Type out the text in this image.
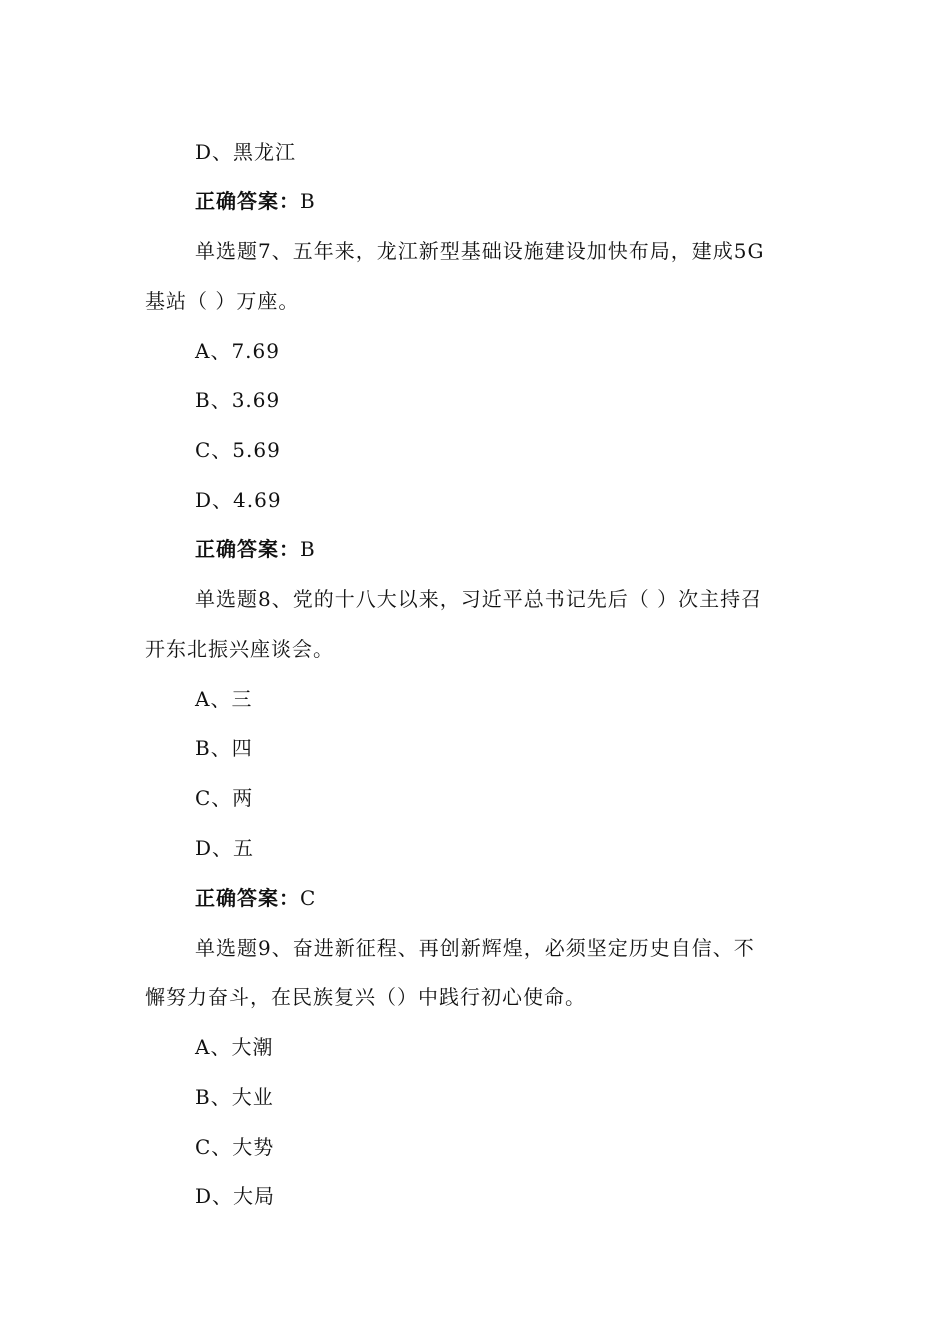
D、黑龙江
正确答案：B
单选题7、五年来，龙江新型基础设施建设加快布局，建成5G
基站（ ）万座。
A、7.69
B、3.69
C、5.69
D、4.69
正确答案：B
单选题8、党的十八大以来，习近平总书记先后（ ）次主持召
开东北振兴座谈会。
A、三
B、四
C、两
D、五
正确答案：C
单选题9、奋进新征程、再创新辉煌，必须坚定历史自信、不
懈努力奋斗，在民族复兴（）中践行初心使命。
A、大潮
B、大业
C、大势
D、大局
